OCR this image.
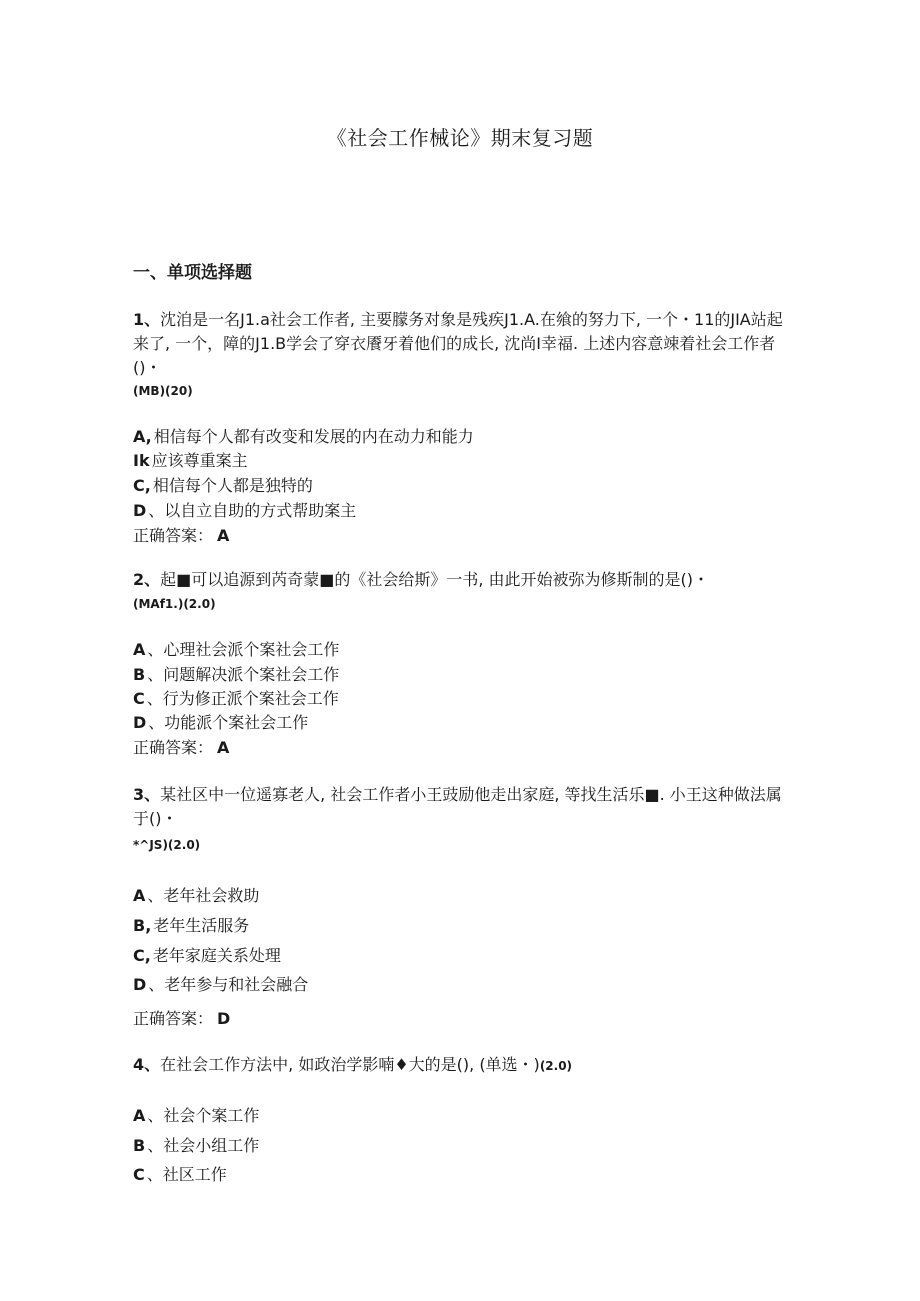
《社会工作械论》期末复习题
一、单项选择题
1、沈洎是一名J1.a社会工作者, 主要朦务对象是残疾J1.A.在飨的努力下, 一个・11的JIA站起来了, 一个，障的J1.B学会了穿衣餍牙着他们的成长, 沈尚I幸福. 上述内容意竦着社会工作者()・
(MB)(20)
A, 相信每个人都有改变和发展的内在动力和能力
Ik 应该尊重案主
C, 相信每个人都是独特的
D 、以自立自助的方式帮助案主
正确答案： A
2、起■可以追源到芮奇蒙■的《社会给斯》一书, 由此开始被弥为修斯制的是()・
(MAf1.)(2.0)
A 、心理社会派个案社会工作
B 、问题解决派个案社会工作
C 、行为修正派个案社会工作
D 、功能派个案社会工作
正确答案： A
3、某社区中一位遥寡老人, 社会工作者小王豉励他走出家庭, 等找生活乐■. 小王这种做法属于()・
*^JS)(2.0)
A 、老年社会救助
B, 老年生活服务
C, 老年家庭关系处理
D 、老年参与和社会融合
正确答案： D
4、在社会工作方法中, 如政治学影喃♦大的是(), (单选・)(2.0)
A 、社会个案工作
B 、社会小组工作
C 、社区工作
